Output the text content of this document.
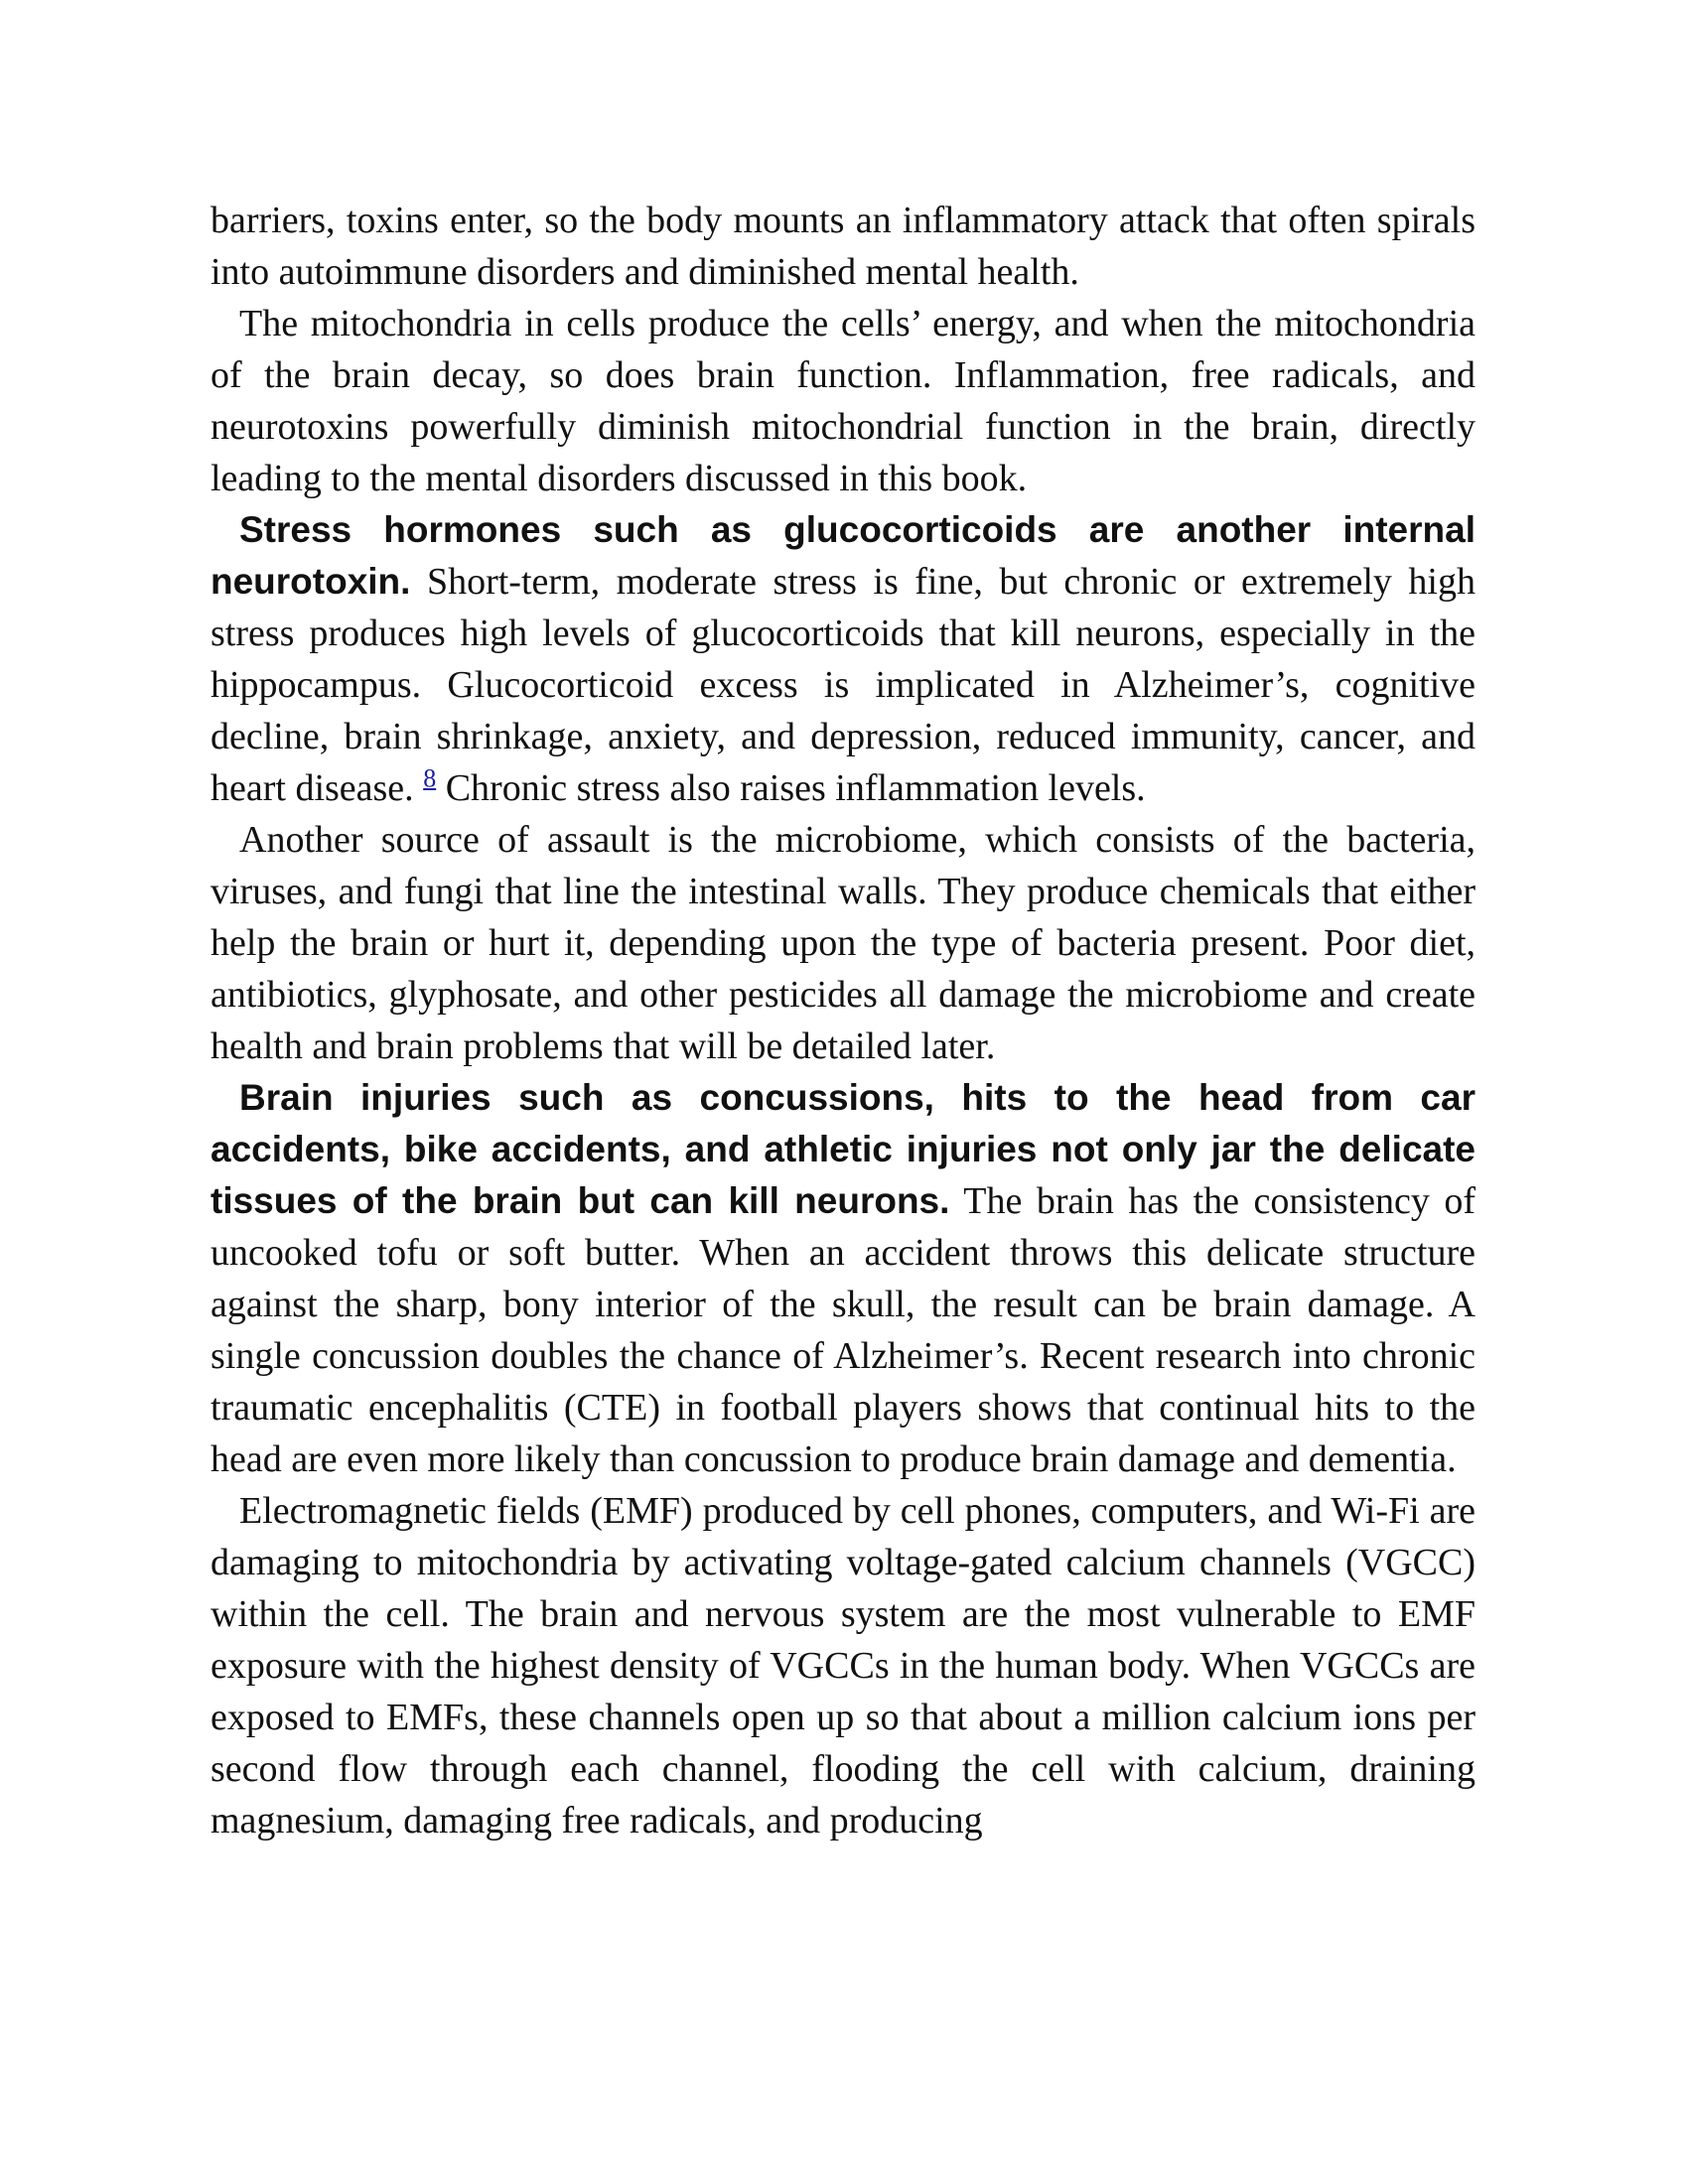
barriers, toxins enter, so the body mounts an inflammatory attack that often spirals into autoimmune disorders and diminished mental health.

The mitochondria in cells produce the cells’ energy, and when the mitochondria of the brain decay, so does brain function. Inflammation, free radicals, and neurotoxins powerfully diminish mitochondrial function in the brain, directly leading to the mental disorders discussed in this book.

Stress hormones such as glucocorticoids are another internal neurotoxin. Short-term, moderate stress is fine, but chronic or extremely high stress produces high levels of glucocorticoids that kill neurons, especially in the hippocampus. Glucocorticoid excess is implicated in Alzheimer’s, cognitive decline, brain shrinkage, anxiety, and depression, reduced immunity, cancer, and heart disease. $^8$ Chronic stress also raises inflammation levels.

Another source of assault is the microbiome, which consists of the bacteria, viruses, and fungi that line the intestinal walls. They produce chemicals that either help the brain or hurt it, depending upon the type of bacteria present. Poor diet, antibiotics, glyphosate, and other pesticides all damage the microbiome and create health and brain problems that will be detailed later.

Brain injuries such as concussions, hits to the head from car accidents, bike accidents, and athletic injuries not only jar the delicate tissues of the brain but can kill neurons. The brain has the consistency of uncooked tofu or soft butter. When an accident throws this delicate structure against the sharp, bony interior of the skull, the result can be brain damage. A single concussion doubles the chance of Alzheimer’s. Recent research into chronic traumatic encephalitis (CTE) in football players shows that continual hits to the head are even more likely than concussion to produce brain damage and dementia.

Electromagnetic fields (EMF) produced by cell phones, computers, and Wi-Fi are damaging to mitochondria by activating voltage-gated calcium channels (VGCC) within the cell. The brain and nervous system are the most vulnerable to EMF exposure with the highest density of VGCCs in the human body. When VGCCs are exposed to EMFs, these channels open up so that about a million calcium ions per second flow through each channel, flooding the cell with calcium, draining magnesium, damaging free radicals, and producing
